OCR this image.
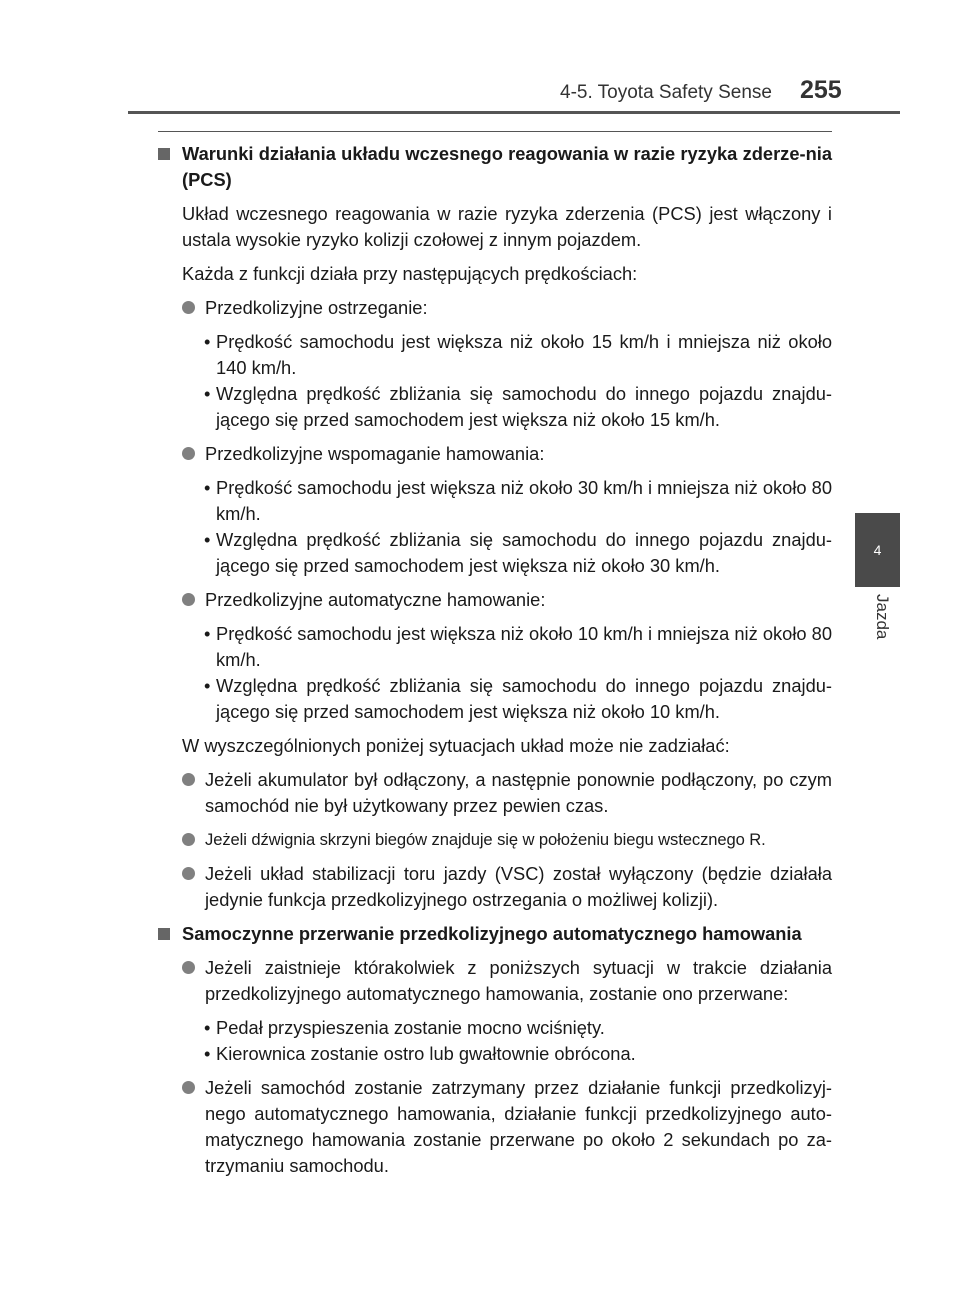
4-5. Toyota Safety Sense 255
4
Jazda
Warunki działania układu wczesnego reagowania w razie ryzyka zderze-nia (PCS)
Układ wczesnego reagowania w razie ryzyka zderzenia (PCS) jest włączony i ustala wysokie ryzyko kolizji czołowej z innym pojazdem.
Każda z funkcji działa przy następujących prędkościach:
Przedkolizyjne ostrzeganie:
• Prędkość samochodu jest większa niż około 15 km/h i mniejsza niż około 140 km/h.
• Względna prędkość zbliżania się samochodu do innego pojazdu znajdu-jącego się przed samochodem jest większa niż około 15 km/h.
Przedkolizyjne wspomaganie hamowania:
• Prędkość samochodu jest większa niż około 30 km/h i mniejsza niż około 80 km/h.
• Względna prędkość zbliżania się samochodu do innego pojazdu znajdu-jącego się przed samochodem jest większa niż około 30 km/h.
Przedkolizyjne automatyczne hamowanie:
• Prędkość samochodu jest większa niż około 10 km/h i mniejsza niż około 80 km/h.
• Względna prędkość zbliżania się samochodu do innego pojazdu znajdu-jącego się przed samochodem jest większa niż około 10 km/h.
W wyszczególnionych poniżej sytuacjach układ może nie zadziałać:
Jeżeli akumulator był odłączony, a następnie ponownie podłączony, po czym samochód nie był użytkowany przez pewien czas.
Jeżeli dźwignia skrzyni biegów znajduje się w położeniu biegu wstecznego R.
Jeżeli układ stabilizacji toru jazdy (VSC) został wyłączony (będzie działała jedynie funkcja przedkolizyjnego ostrzegania o możliwej kolizji).
Samoczynne przerwanie przedkolizyjnego automatycznego hamowania
Jeżeli zaistnieje którakolwiek z poniższych sytuacji w trakcie działania przedkolizyjnego automatycznego hamowania, zostanie ono przerwane:
• Pedał przyspieszenia zostanie mocno wciśnięty.
• Kierownica zostanie ostro lub gwałtownie obrócona.
Jeżeli samochód zostanie zatrzymany przez działanie funkcji przedkolizyj-nego automatycznego hamowania, działanie funkcji przedkolizyjnego auto-matycznego hamowania zostanie przerwane po około 2 sekundach po za-trzymaniu samochodu.
